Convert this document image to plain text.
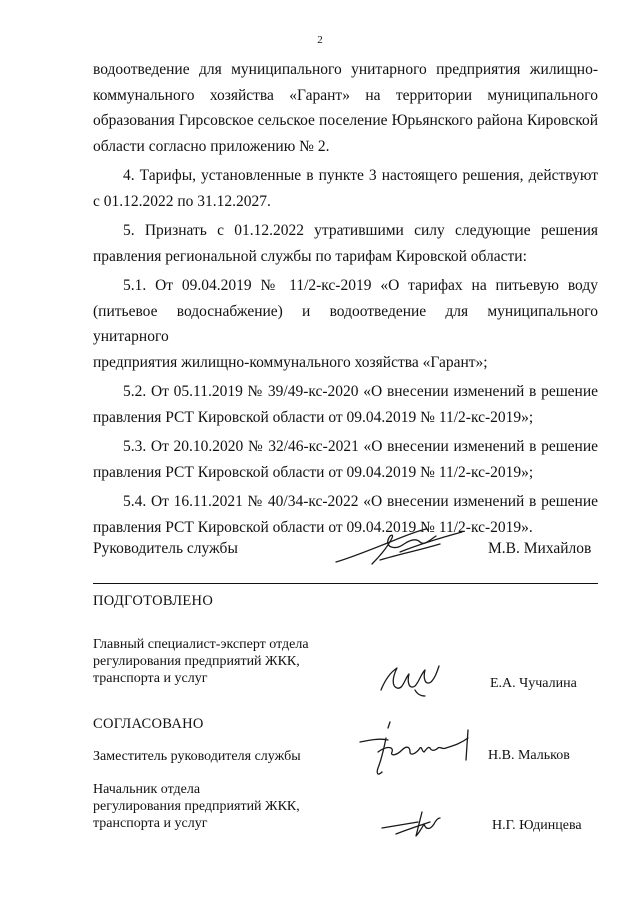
2

водоотведение для муниципального унитарного предприятия жилищно-
коммунального хозяйства «Гарант» на территории муниципального
образования Гирсовское сельское поселение Юрьянского района Кировской
области согласно приложению № 2.

4. Тарифы, установленные в пункте 3 настоящего решения, действуют
с 01.12.2022 по 31.12.2027.

5. Признать с 01.12.2022 утратившими силу следующие решения
правления региональной службы по тарифам Кировской области:

5.1. От 09.04.2019 № 11/2-кс-2019 «О тарифах на питьевую воду
(питьевое водоснабжение) и водоотведение для муниципального унитарного
предприятия жилищно-коммунального хозяйства «Гарант»;

5.2. От 05.11.2019 № 39/49-кс-2020 «О внесении изменений в решение
правления РСТ Кировской области от 09.04.2019 № 11/2-кс-2019»;

5.3. От 20.10.2020 № 32/46-кс-2021 «О внесении изменений в решение
правления РСТ Кировской области от 09.04.2019 № 11/2-кс-2019»;

5.4. От 16.11.2021 № 40/34-кс-2022 «О внесении изменений в решение
правления РСТ Кировской области от 09.04.2019 № 11/2-кс-2019».

Руководитель службы	М.В. Михайлов
ПОДГОТОВЛЕНО
Главный специалист-эксперт отдела
регулирования предприятий ЖКК,
транспорта и услуг	Е.А. Чучалина
СОГЛАСОВАНО
Заместитель руководителя службы	Н.В. Мальков
Начальник отдела
регулирования предприятий ЖКК,
транспорта и услуг	Н.Г. Юдинцева
